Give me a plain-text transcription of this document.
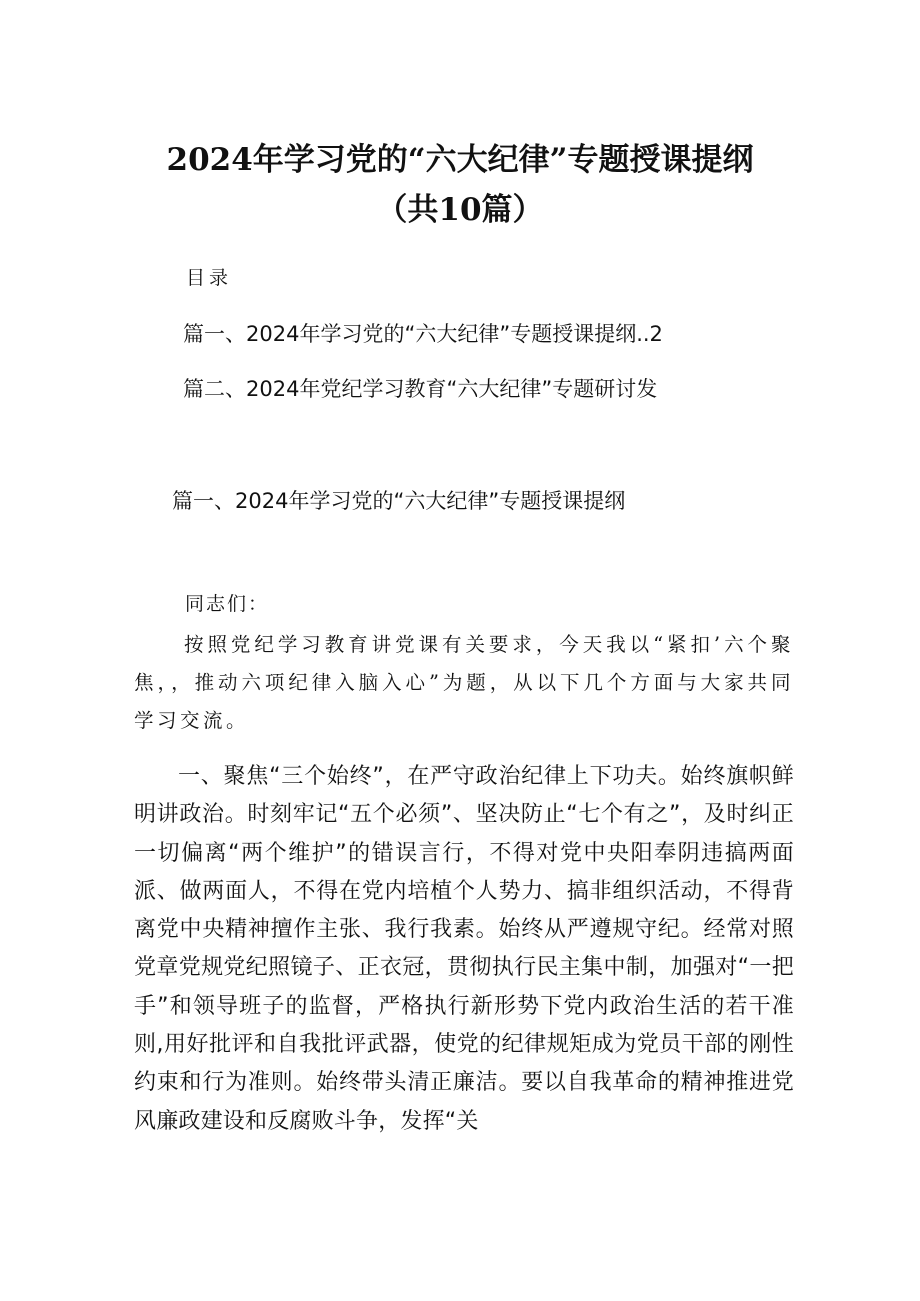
2024年学习党的“六大纪律”专题授课提纲
（共10篇）
目录
篇一、2024年学习党的“六大纪律”专题授课提纲..2
篇二、2024年党纪学习教育“六大纪律”专题研讨发
篇一、2024年学习党的“六大纪律”专题授课提纲
同志们：

按照党纪学习教育讲党课有关要求，今天我以“紧扣’六个聚焦，，推动六项纪律入脑入心”为题，从以下几个方面与大家共同学习交流。

一、聚焦“三个始终”，在严守政治纪律上下功夫。始终旗帜鲜明讲政治。时刻牢记“五个必须”、坚决防止“七个有之”，及时纠正一切偏离“两个维护”的错误言行，不得对党中央阳奉阴违搞两面派、做两面人，不得在党内培植个人势力、搞非组织活动，不得背离党中央精神擅作主张、我行我素。始终从严遵规守纪。经常对照党章党规党纪照镜子、正衣冠，贯彻执行民主集中制，加强对“一把手”和领导班子的监督，严格执行新形势下党内政治生活的若干准则,用好批评和自我批评武器，使党的纪律规矩成为党员干部的刚性约束和行为准则。始终带头清正廉洁。要以自我革命的精神推进党风廉政建设和反腐败斗争，发挥“关
